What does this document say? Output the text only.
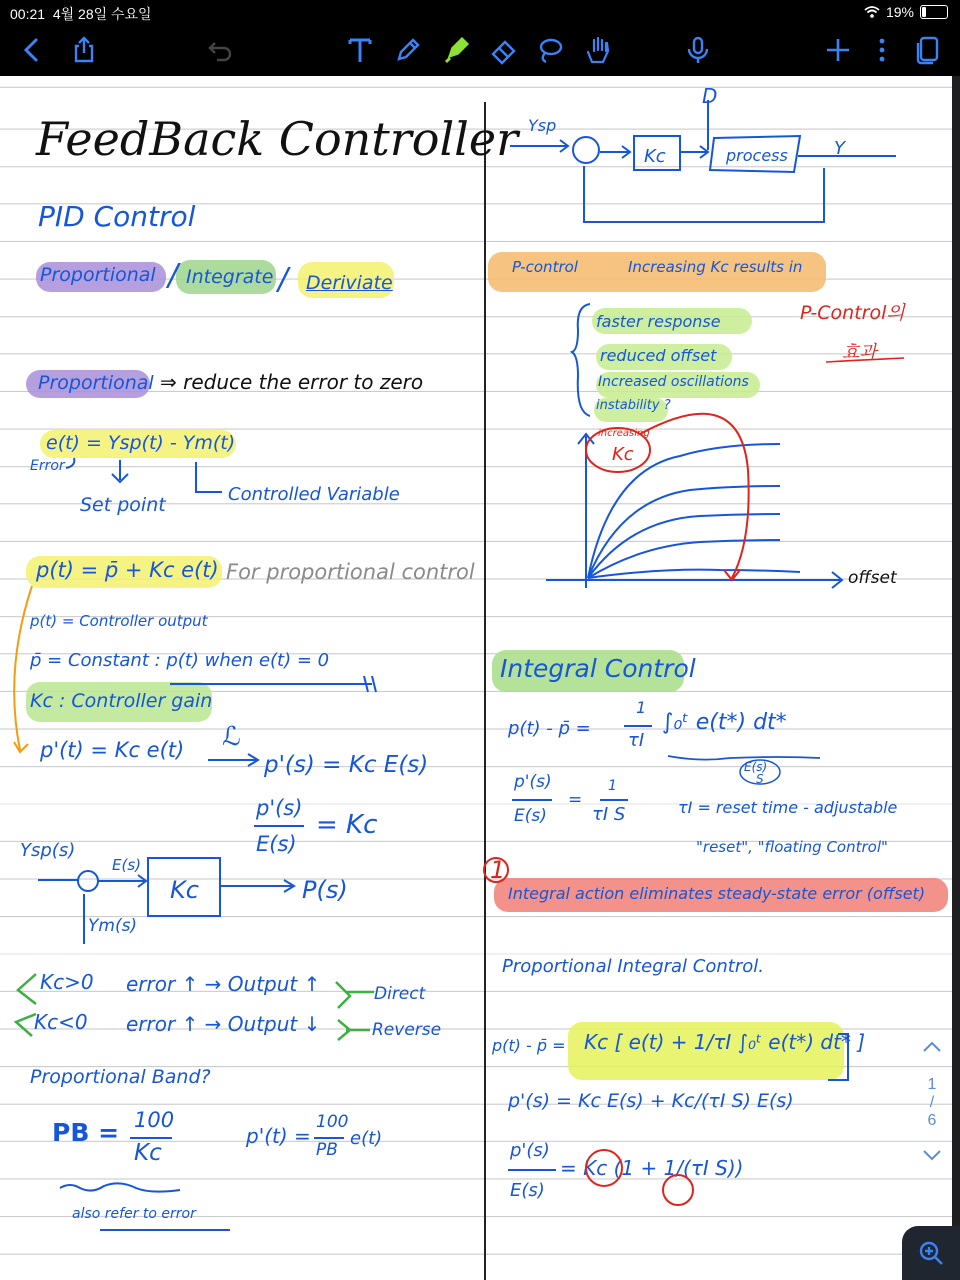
00:21 4월 28일 수요일	19%
FeedBack Controller
PID Control
Proportional Integrate Deriviate
/	/
Proportional ⇒ reduce the error to zero
e(t) = Ysp(t) - Ym(t)
Error
Set point	Controlled Variable
p(t) = p̄ + Kc e(t) For proportional control
p(t) = Controller output
p̄ = Constant : p(t) when e(t) = 0
Kc : Controller gain
p'(t) = Kc e(t) ℒ
p'(s) = Kc E(s)
p'(s)
E(s)
= Kc
Ysp(s)
E(s)
Kc	P(s)
Ym(s)
Kc>0 error ↑ → Output ↑	Direct
Kc<0 error ↑ → Output ↓	Reverse
Proportional Band?
PB = 100
Kc
p'(t) =
100
PB
e(t)
also refer to error
Ysp
D
Kc	process	Y
P-control	Increasing Kc results in
faster response
reduced offset
Increased oscillations
instability ?
P-Control의
효과
increasing
Kc
offset
Integral Control
p(t) - p̄ =
1
τI
∫₀ᵗ e(t*) dt*
E(s)
S
p'(s)
E(s)
=
1
τI S	τI = reset time - adjustable
"reset", "floating Control"
1
Integral action eliminates steady-state error (offset)
Proportional Integral Control.
p(t) - p̄ = Kc [ e(t) + 1/τI ∫₀ᵗ e(t*) dt* ]
p'(s) = Kc E(s) + Kc/(τI S) E(s)
p'(s)
E(s)
= Kc (1 + 1/(τI S))
1
/
6
